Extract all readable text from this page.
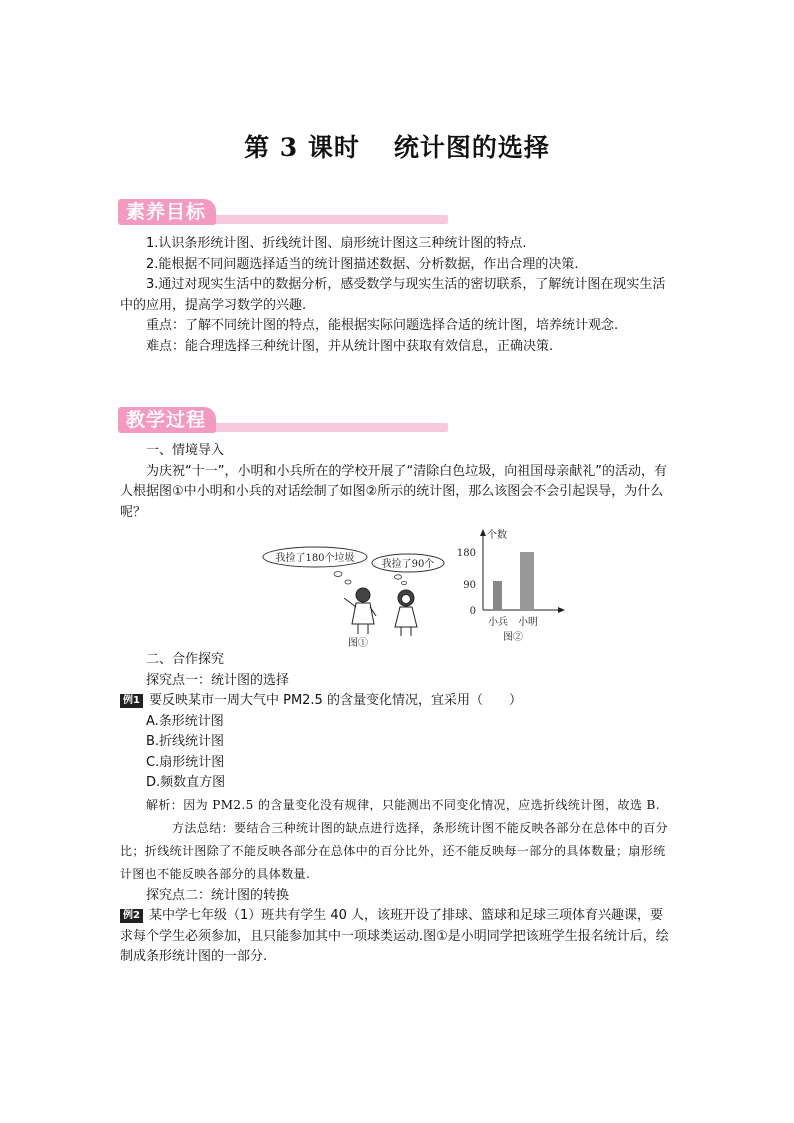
第 3 课时 统计图的选择
素养目标

1.认识条形统计图、折线统计图、扇形统计图这三种统计图的特点.

2.能根据不同问题选择适当的统计图描述数据、分析数据，作出合理的决策.

3.通过对现实生活中的数据分析，感受数学与现实生活的密切联系，了解统计图在现实生活中的应用，提高学习数学的兴趣.

重点：了解不同统计图的特点，能根据实际问题选择合适的统计图，培养统计观念.

难点：能合理选择三种统计图，并从统计图中获取有效信息，正确决策.

教学过程

一、情境导入

为庆祝“十一”，小明和小兵所在的学校开展了“清除白色垃圾，向祖国母亲献礼”的活动，有人根据图①中小明和小兵的对话绘制了如图②所示的统计图，那么该图会不会引起误导，为什么呢？

我捡了180个垃圾
我捡了90个
图①
个数
180
90
0
小兵 小明
图②

二、合作探究

探究点一：统计图的选择

例1 要反映某市一周大气中 PM2.5 的含量变化情况，宜采用（　　）

A.条形统计图

B.折线统计图

C.扇形统计图

D.频数直方图

解析：因为 PM2.5 的含量变化没有规律，只能测出不同变化情况，应选折线统计图，故选 B.

方法总结：要结合三种统计图的缺点进行选择，条形统计图不能反映各部分在总体中的百分比；折线统计图除了不能反映各部分在总体中的百分比外，还不能反映每一部分的具体数量；扇形统计图也不能反映各部分的具体数量.

探究点二：统计图的转换

例2 某中学七年级（1）班共有学生 40 人，该班开设了排球、篮球和足球三项体育兴趣课，要求每个学生必须参加，且只能参加其中一项球类运动.图①是小明同学把该班学生报名统计后，绘制成条形统计图的一部分.
